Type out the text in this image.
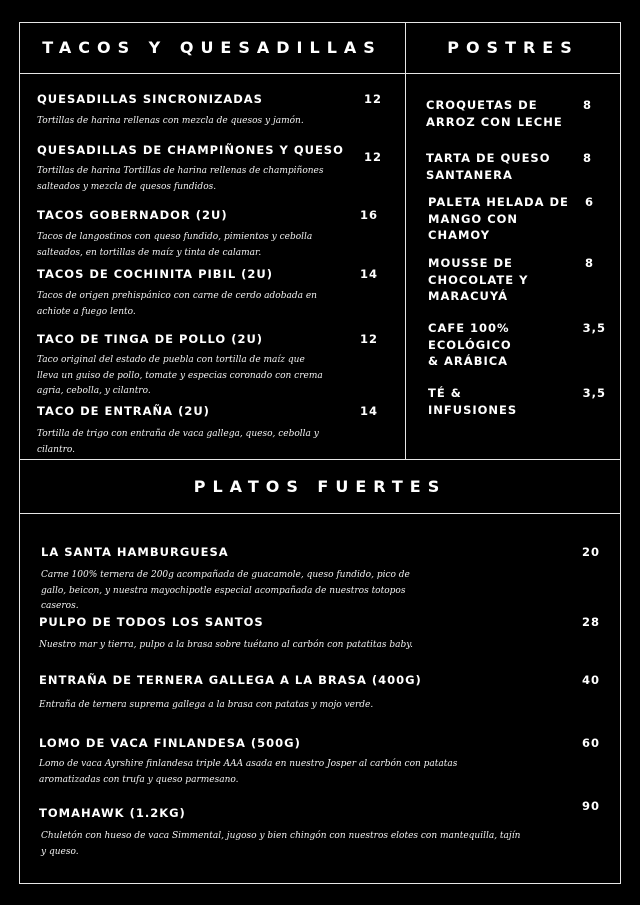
TACOS Y QUESADILLAS	POSTRES
PLATOS FUERTES
QUESADILLAS SINCRONIZADAS	12
Tortillas de harina rellenas con mezcla de quesos y jamón.
QUESADILLAS DE CHAMPIÑONES Y QUESO	12
Tortillas de harina Tortillas de harina rellenas de champiñones salteados y mezcla de quesos fundidos.
TACOS GOBERNADOR (2U)	16
Tacos de langostinos con queso fundido, pimientos y cebolla salteados, en tortillas de maíz y tinta de calamar.
TACOS DE COCHINITA PIBIL (2U)	14
Tacos de origen prehispánico con carne de cerdo adobada en achiote a fuego lento.
TACO DE TINGA DE POLLO (2U)	12
Taco original del estado de puebla con tortilla de maíz que lleva un guiso de pollo, tomate y especias coronado con crema agria, cebolla, y cilantro.
TACO DE ENTRAÑA (2U)	14
Tortilla de trigo con entraña de vaca gallega, queso, cebolla y cilantro.
CROQUETAS DE ARROZ CON LECHE
8
TARTA DE QUESO SANTANERA
8
PALETA HELADA DE MANGO CON CHAMOY
6
MOUSSE DE CHOCOLATE Y MARACUYÁ
8
CAFE 100% ECOLÓGICO & ARÁBICA
3,5
TÉ & INFUSIONES
3,5
LA SANTA HAMBURGUESA	20
Carne 100% ternera de 200g acompañada de guacamole, queso fundido, pico de gallo, beicon, y nuestra mayochipotle especial acompañada de nuestros totopos caseros.
PULPO DE TODOS LOS SANTOS	28
Nuestro mar y tierra, pulpo a la brasa sobre tuétano al carbón con patatitas baby.
ENTRAÑA DE TERNERA GALLEGA A LA BRASA (400G)	40
Entraña de ternera suprema gallega a la brasa con patatas y mojo verde.
LOMO DE VACA FINLANDESA (500G)	60
Lomo de vaca Ayrshire finlandesa triple AAA asada en nuestro Josper al carbón con patatas aromatizadas con trufa y queso parmesano.
TOMAHAWK (1.2KG)	90
Chuletón con hueso de vaca Simmental, jugoso y bien chingón con nuestros elotes con mantequilla, tajín y queso.
